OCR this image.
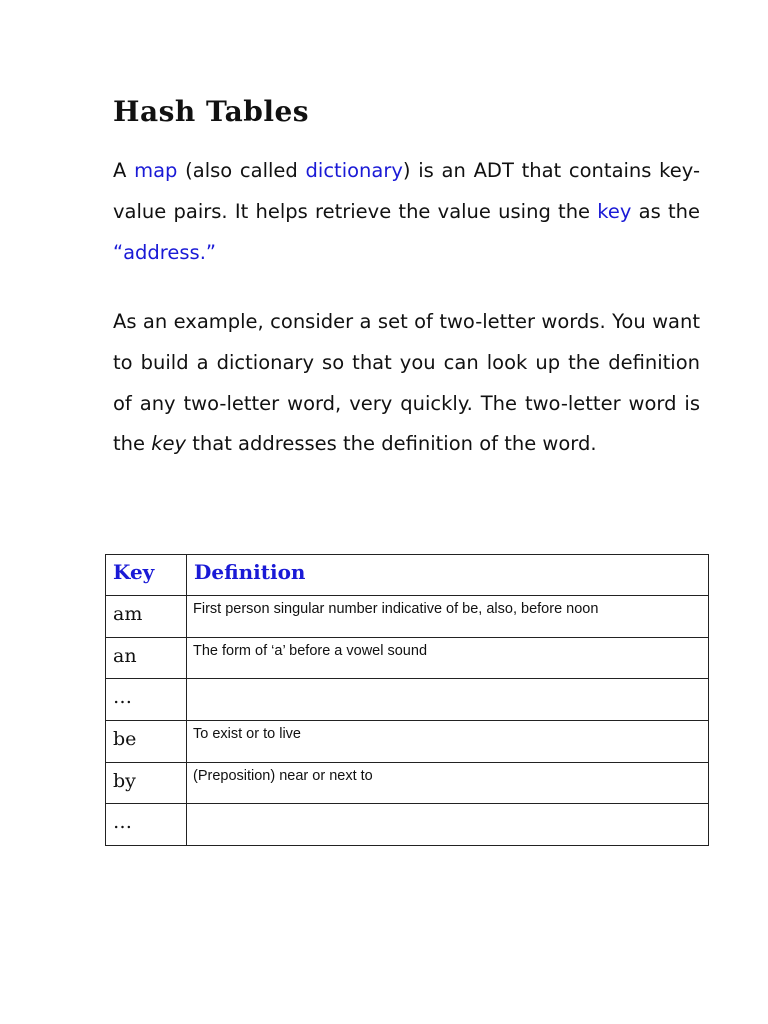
Hash Tables

A map (also called dictionary) is an ADT that contains key-value pairs. It helps retrieve the value using the key as the “address.”

As an example, consider a set of two-letter words. You want to build a dictionary so that you can look up the definition of any two-letter word, very quickly. The two-letter word is the key that addresses the definition of the word.

Key	Definition
am	First person singular number indicative of be, also, before noon
an	The form of ‘a’ before a vowel sound
…	
be	To exist or to live
by	(Preposition) near or next to
…	
